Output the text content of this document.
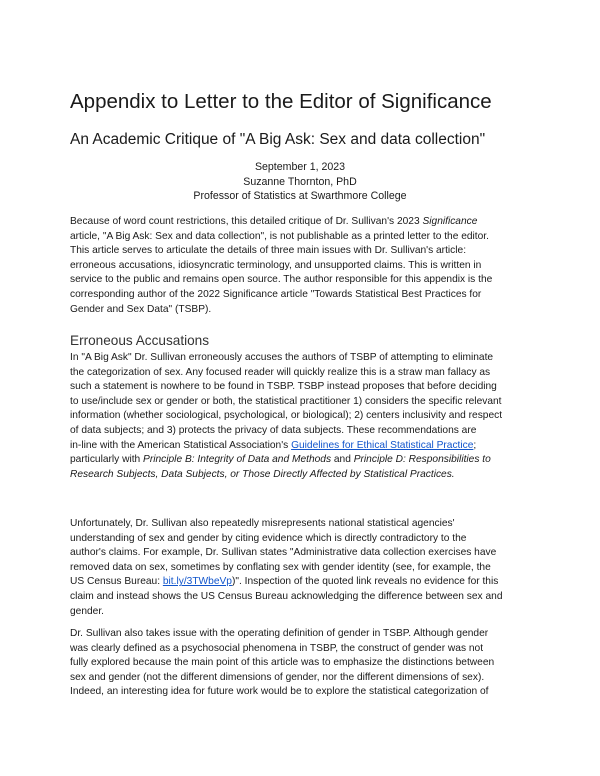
Appendix to Letter to the Editor of Significance
An Academic Critique of "A Big Ask: Sex and data collection"
September 1, 2023
Suzanne Thornton, PhD
Professor of Statistics at Swarthmore College

Because of word count restrictions, this detailed critique of Dr. Sullivan's 2023 Significance
article, "A Big Ask: Sex and data collection", is not publishable as a printed letter to the editor.
This article serves to articulate the details of three main issues with Dr. Sullivan's article:
erroneous accusations, idiosyncratic terminology, and unsupported claims. This is written in
service to the public and remains open source. The author responsible for this appendix is the
corresponding author of the 2022 Significance article "Towards Statistical Best Practices for
Gender and Sex Data" (TSBP).

Erroneous Accusations

In "A Big Ask" Dr. Sullivan erroneously accuses the authors of TSBP of attempting to eliminate
the categorization of sex. Any focused reader will quickly realize this is a straw man fallacy as
such a statement is nowhere to be found in TSBP. TSBP instead proposes that before deciding
to use/include sex or gender or both, the statistical practitioner 1) considers the specific relevant
information (whether sociological, psychological, or biological); 2) centers inclusivity and respect
of data subjects; and 3) protects the privacy of data subjects. These recommendations are
in-line with the American Statistical Association's Guidelines for Ethical Statistical Practice;
particularly with Principle B: Integrity of Data and Methods and Principle D: Responsibilities to
Research Subjects, Data Subjects, or Those Directly Affected by Statistical Practices.

Unfortunately, Dr. Sullivan also repeatedly misrepresents national statistical agencies'
understanding of sex and gender by citing evidence which is directly contradictory to the
author's claims. For example, Dr. Sullivan states "Administrative data collection exercises have
removed data on sex, sometimes by conflating sex with gender identity (see, for example, the
US Census Bureau: bit.ly/3TWbeVp)". Inspection of the quoted link reveals no evidence for this
claim and instead shows the US Census Bureau acknowledging the difference between sex and
gender.

Dr. Sullivan also takes issue with the operating definition of gender in TSBP. Although gender
was clearly defined as a psychosocial phenomena in TSBP, the construct of gender was not
fully explored because the main point of this article was to emphasize the distinctions between
sex and gender (not the different dimensions of gender, nor the different dimensions of sex).
Indeed, an interesting idea for future work would be to explore the statistical categorization of
